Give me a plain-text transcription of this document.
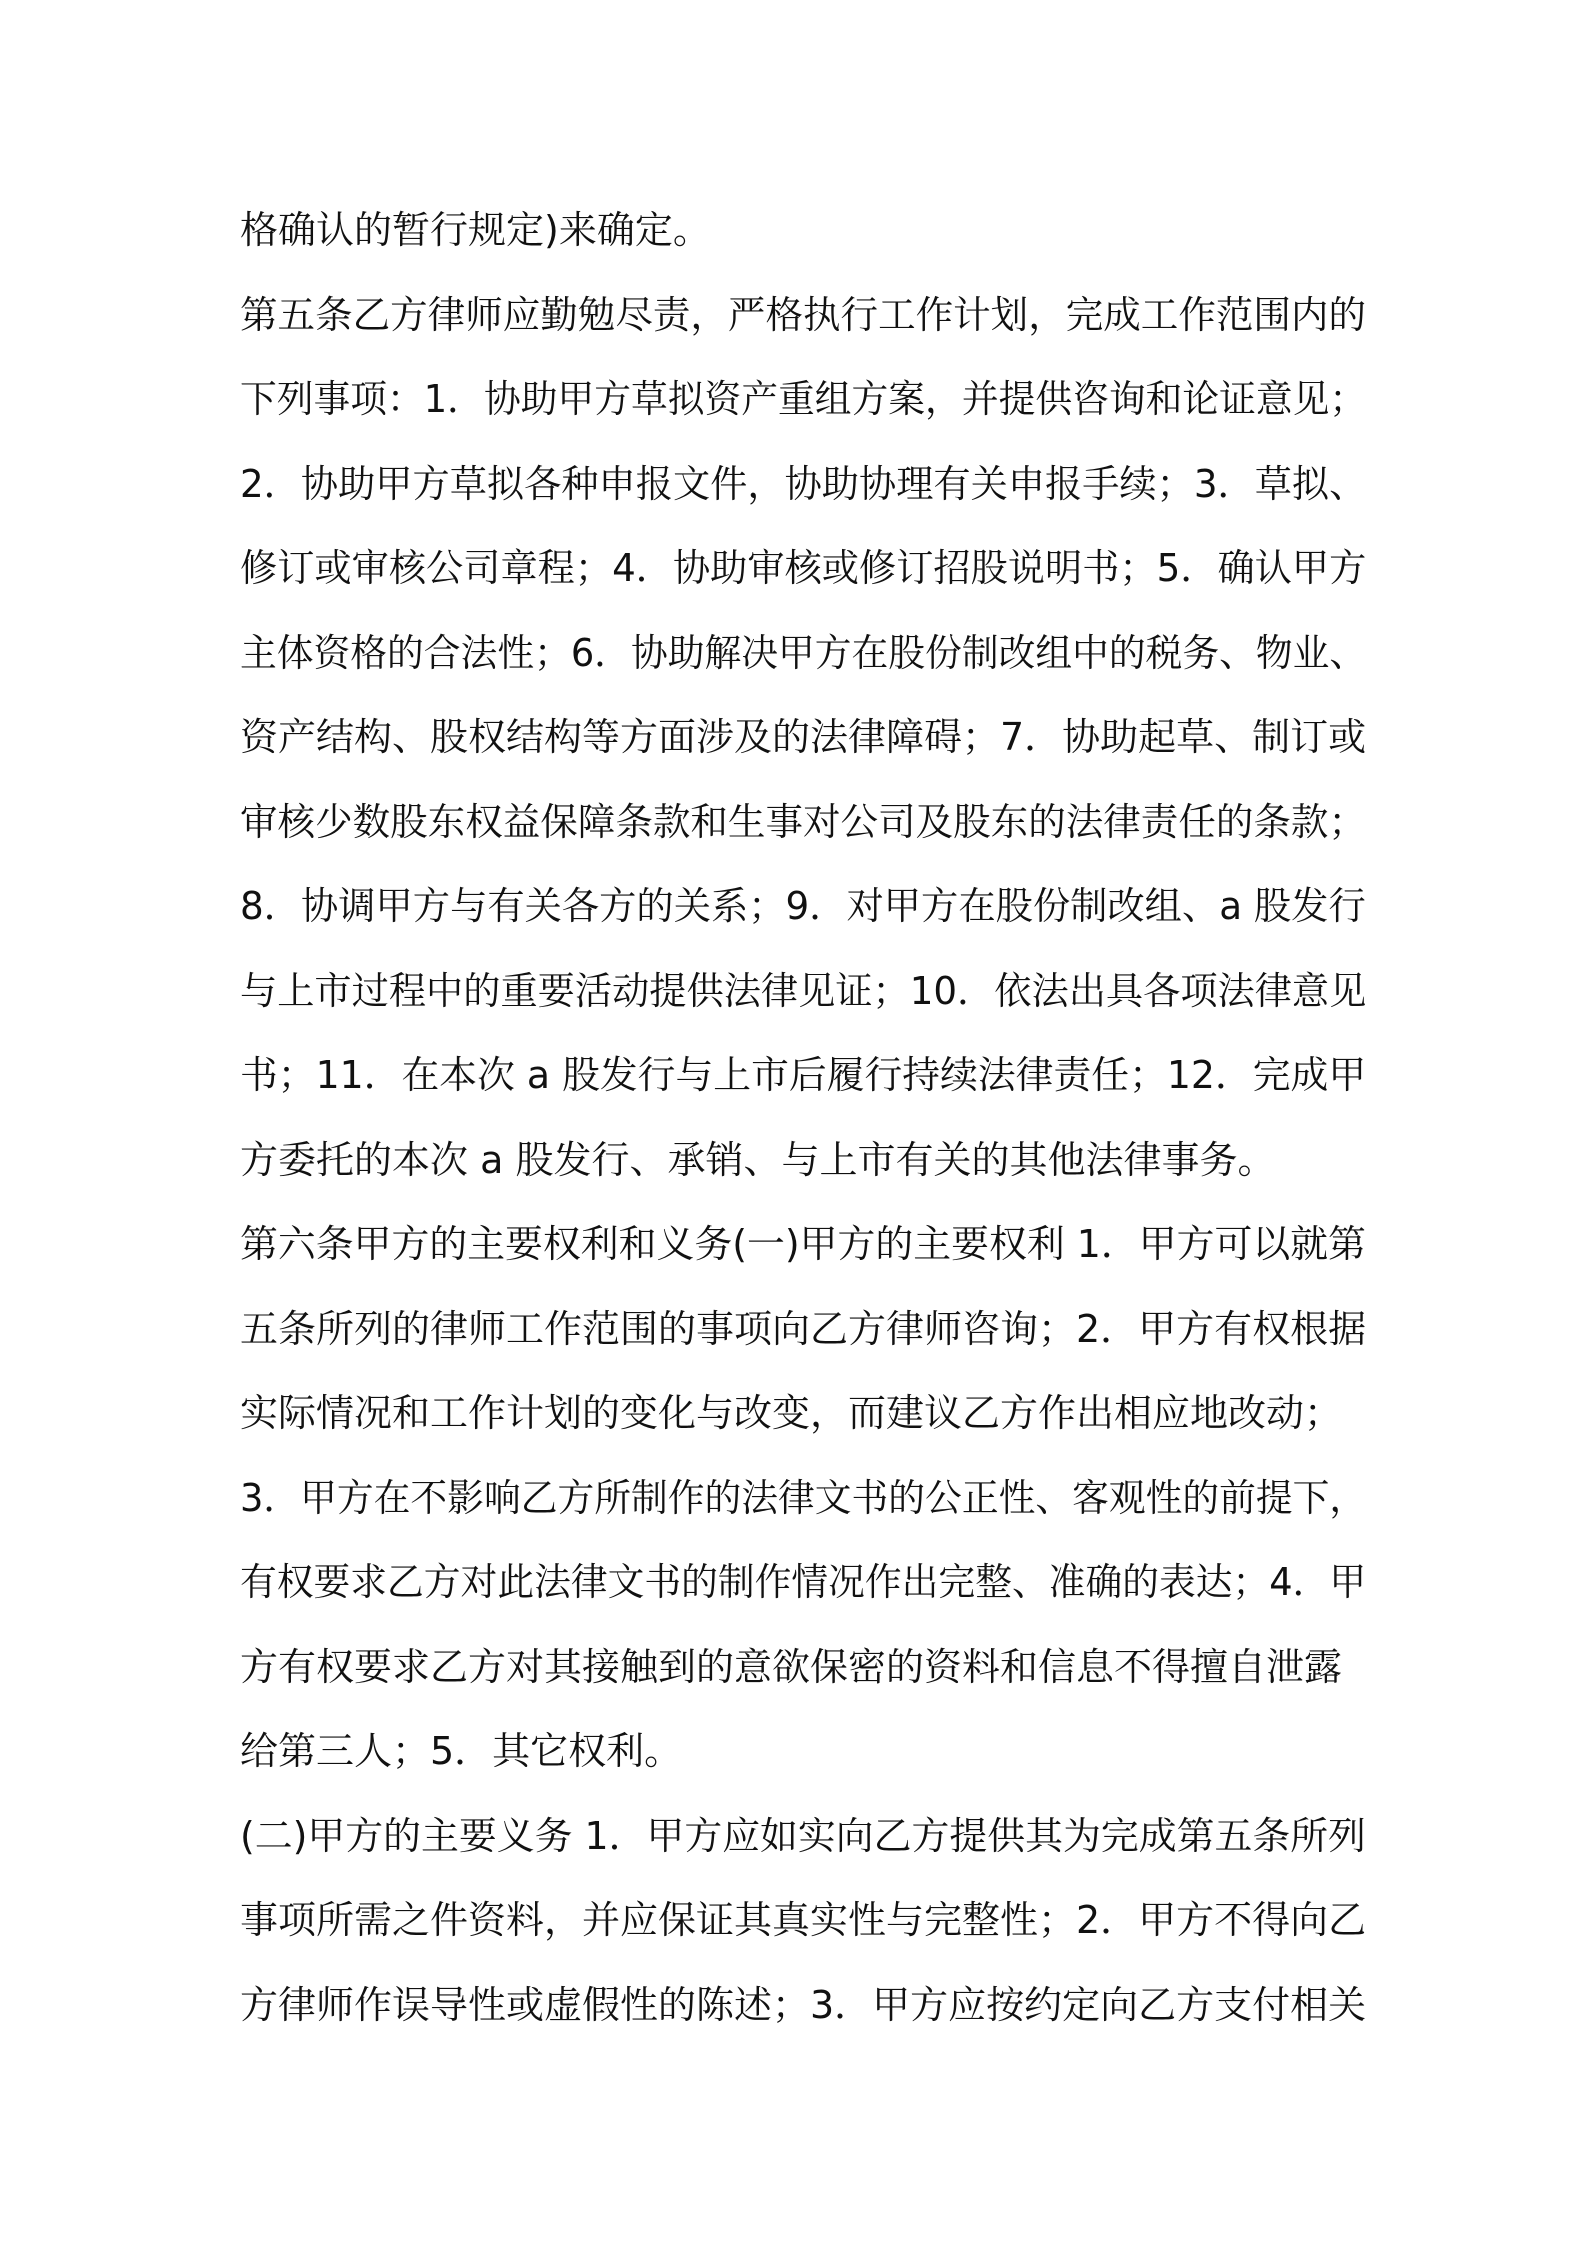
格确认的暂行规定)来确定。
第五条乙方律师应勤勉尽责，严格执行工作计划，完成工作范围内的
下列事项：1．协助甲方草拟资产重组方案，并提供咨询和论证意见；
2．协助甲方草拟各种申报文件，协助协理有关申报手续；3．草拟、
修订或审核公司章程；4．协助审核或修订招股说明书；5．确认甲方
主体资格的合法性；6．协助解决甲方在股份制改组中的税务、物业、
资产结构、股权结构等方面涉及的法律障碍；7．协助起草、制订或
审核少数股东权益保障条款和生事对公司及股东的法律责任的条款；
8．协调甲方与有关各方的关系；9．对甲方在股份制改组、a 股发行
与上市过程中的重要活动提供法律见证；10．依法出具各项法律意见
书；11．在本次 a 股发行与上市后履行持续法律责任；12．完成甲
方委托的本次 a 股发行、承销、与上市有关的其他法律事务。
第六条甲方的主要权利和义务(一)甲方的主要权利 1．甲方可以就第
五条所列的律师工作范围的事项向乙方律师咨询；2．甲方有权根据
实际情况和工作计划的变化与改变，而建议乙方作出相应地改动；
3．甲方在不影响乙方所制作的法律文书的公正性、客观性的前提下，
有权要求乙方对此法律文书的制作情况作出完整、准确的表达；4．甲
方有权要求乙方对其接触到的意欲保密的资料和信息不得擅自泄露
给第三人；5．其它权利。
(二)甲方的主要义务 1．甲方应如实向乙方提供其为完成第五条所列
事项所需之件资料，并应保证其真实性与完整性；2．甲方不得向乙
方律师作误导性或虚假性的陈述；3．甲方应按约定向乙方支付相关
